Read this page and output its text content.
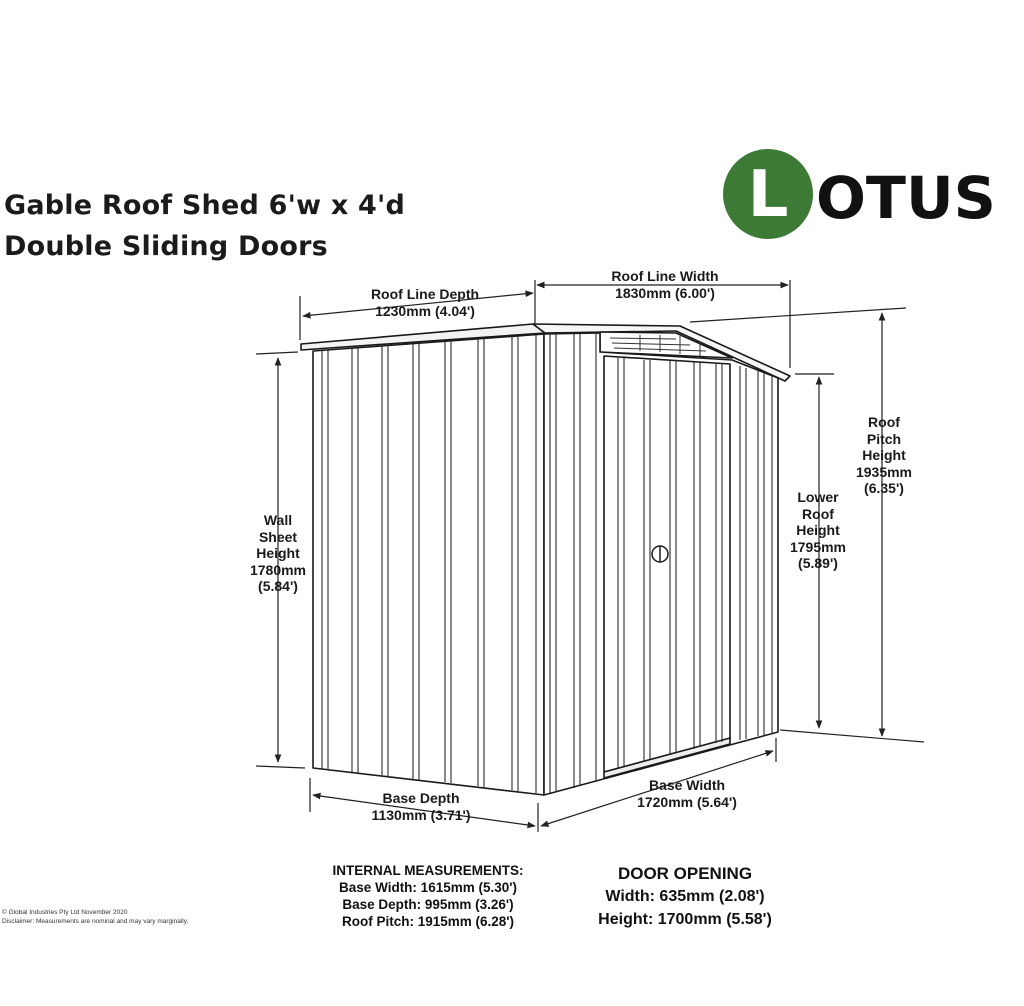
Gable Roof Shed 6'w x 4'd
Double Sliding Doors
L OTUS
Roof Line Depth
1230mm (4.04')
Roof Line Width
1830mm (6.00')
Wall
Sheet
Height
1780mm
(5.84')
Roof
Pitch
Height
1935mm
(6.35')
Lower
Roof
Height
1795mm
(5.89')
Base Depth
1130mm (3.71')
Base Width
1720mm (5.64')
INTERNAL MEASUREMENTS:
Base Width: 1615mm (5.30')
Base Depth: 995mm (3.26')
Roof Pitch: 1915mm (6.28')
DOOR OPENING
Width: 635mm (2.08')
Height: 1700mm (5.58')
© Global Industries Pty Ltd November 2020
Disclaimer: Measurements are nominal and may vary marginally.
